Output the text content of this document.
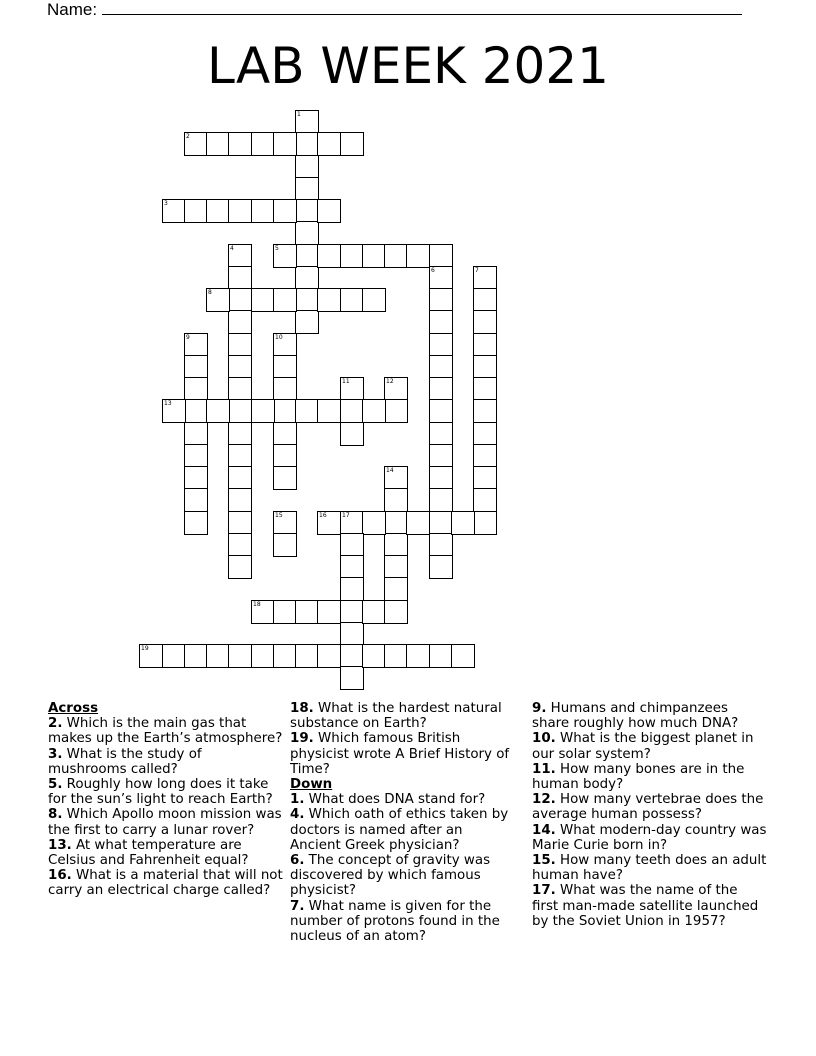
Name:
LAB WEEK 2021
1
2
3
4	5
6	7
8
9	10
11	12
13
14
15	16	17
18
19
Across
2. Which is the main gas that makes up the Earth’s atmosphere?
3. What is the study of mushrooms called?
5. Roughly how long does it take for the sun’s light to reach Earth?
8. Which Apollo moon mission was the first to carry a lunar rover?
13. At what temperature are Celsius and Fahrenheit equal?
16. What is a material that will not carry an electrical charge called?
18. What is the hardest natural substance on Earth?
19. Which famous British physicist wrote A Brief History of Time?
Down
1. What does DNA stand for?
4. Which oath of ethics taken by doctors is named after an Ancient Greek physician?
6. The concept of gravity was discovered by which famous physicist?
7. What name is given for the number of protons found in the nucleus of an atom?
9. Humans and chimpanzees share roughly how much DNA?
10. What is the biggest planet in our solar system?
11. How many bones are in the human body?
12. How many vertebrae does the average human possess?
14. What modern-day country was Marie Curie born in?
15. How many teeth does an adult human have?
17. What was the name of the first man-made satellite launched by the Soviet Union in 1957?
